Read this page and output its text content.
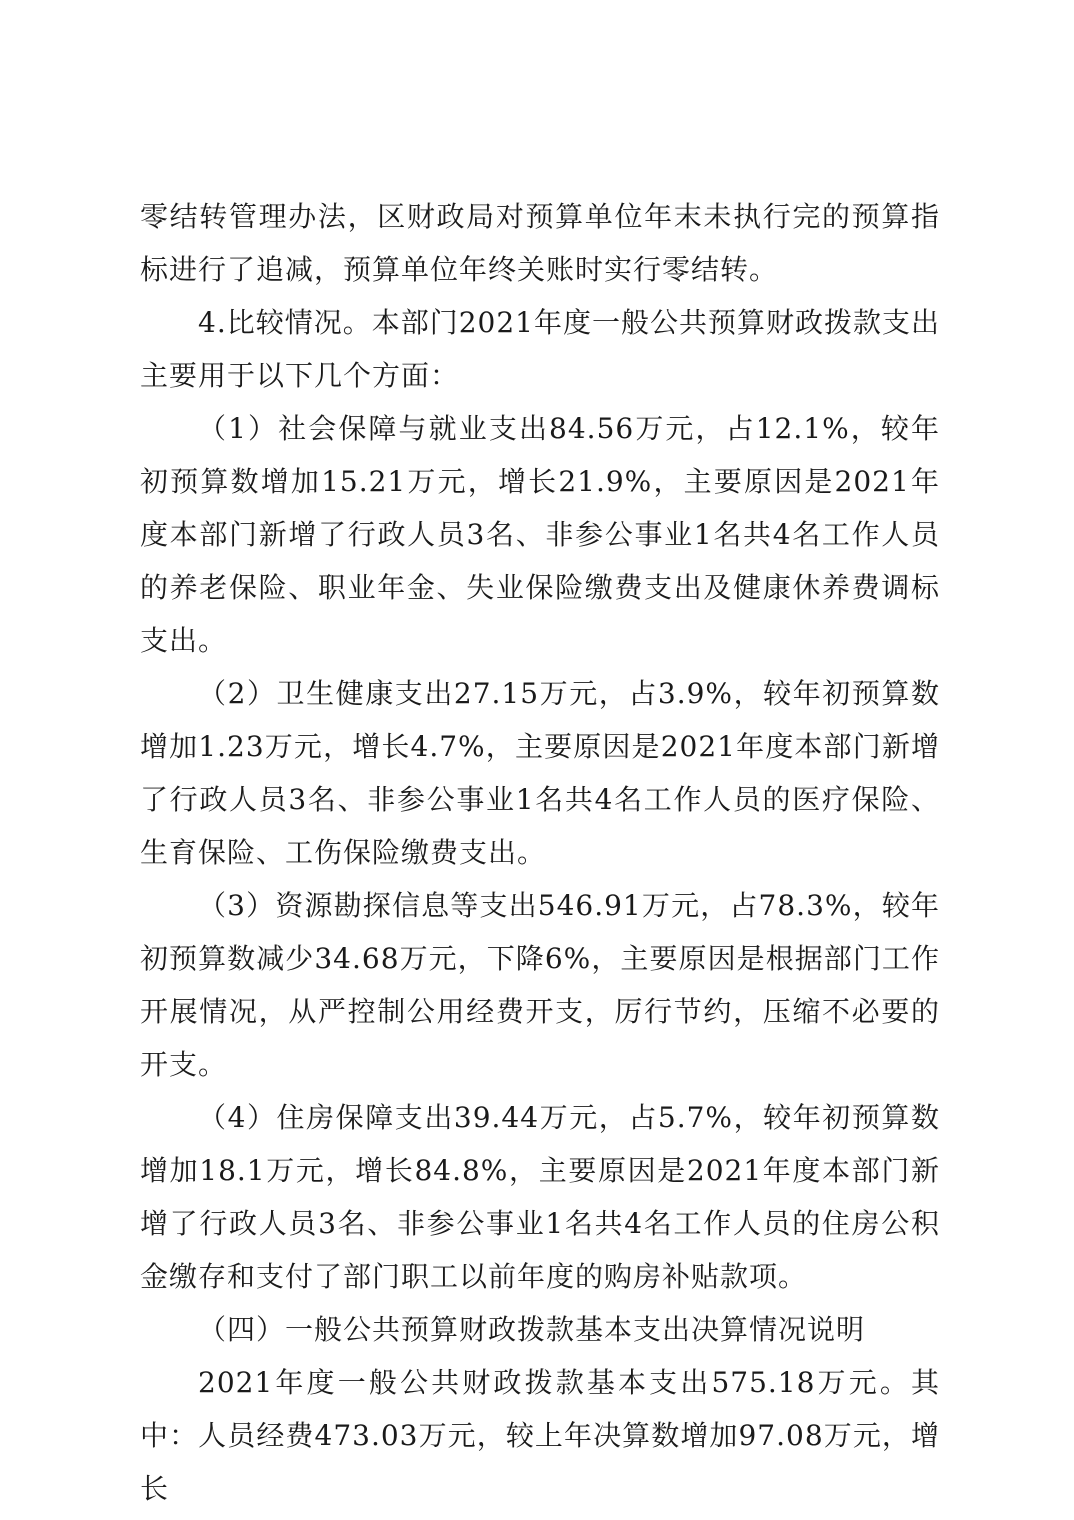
零结转管理办法，区财政局对预算单位年末未执行完的预算指标进行了追减，预算单位年终关账时实行零结转。

4.比较情况。本部门2021年度一般公共预算财政拨款支出主要用于以下几个方面：

（1）社会保障与就业支出84.56万元，占12.1%，较年初预算数增加15.21万元，增长21.9%，主要原因是2021年度本部门新增了行政人员3名、非参公事业1名共4名工作人员的养老保险、职业年金、失业保险缴费支出及健康休养费调标支出。

（2）卫生健康支出27.15万元，占3.9%，较年初预算数增加1.23万元，增长4.7%，主要原因是2021年度本部门新增了行政人员3名、非参公事业1名共4名工作人员的医疗保险、生育保险、工伤保险缴费支出。

（3）资源勘探信息等支出546.91万元，占78.3%，较年初预算数减少34.68万元，下降6%，主要原因是根据部门工作开展情况，从严控制公用经费开支，厉行节约，压缩不必要的开支。

（4）住房保障支出39.44万元，占5.7%，较年初预算数增加18.1万元，增长84.8%，主要原因是2021年度本部门新增了行政人员3名、非参公事业1名共4名工作人员的住房公积金缴存和支付了部门职工以前年度的购房补贴款项。

（四）一般公共预算财政拨款基本支出决算情况说明

2021年度一般公共财政拨款基本支出575.18万元。其中：人员经费473.03万元，较上年决算数增加97.08万元，增长
